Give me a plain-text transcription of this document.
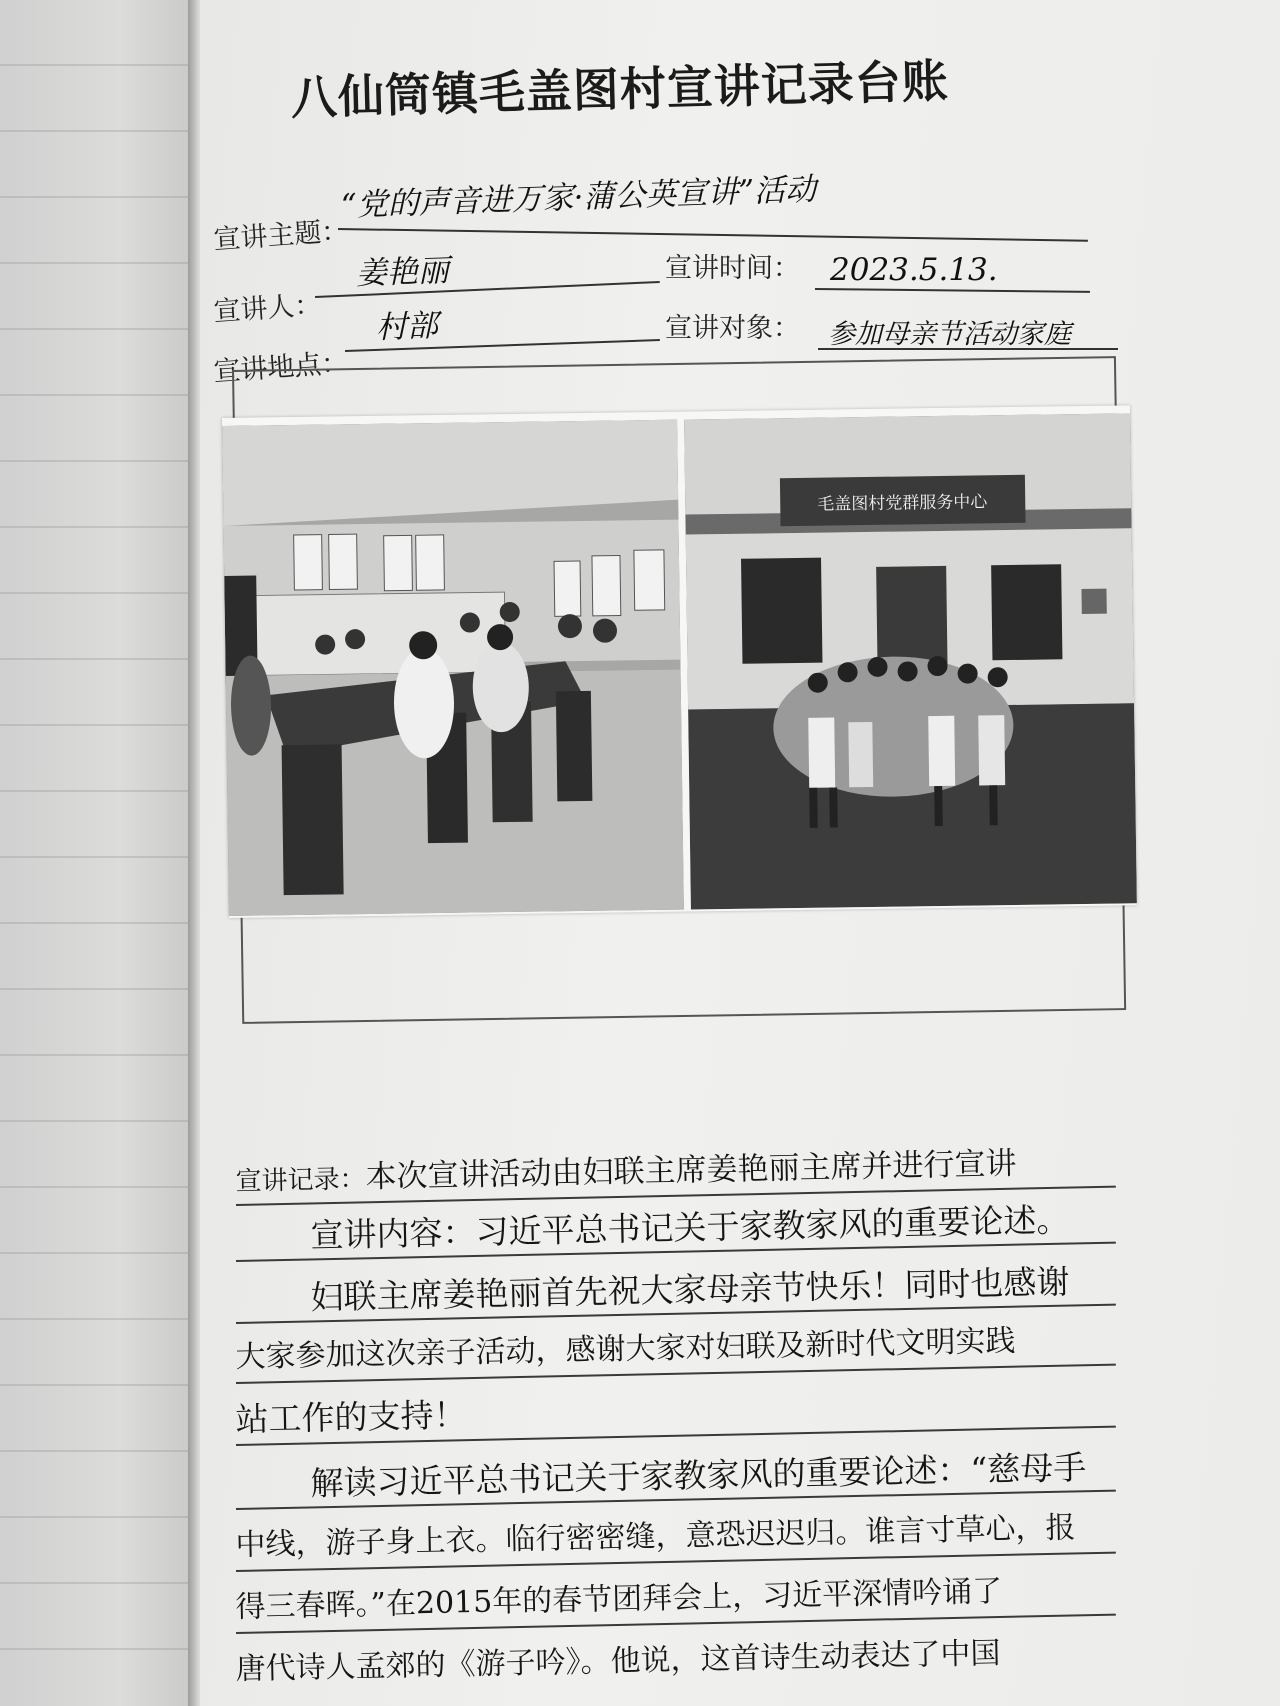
八仙筒镇毛盖图村宣讲记录台账
宣讲主题：
“党的声音进万家·蒲公英宣讲”活动
宣讲人：
姜艳丽	宣讲时间： 2023.5.13.
宣讲地点：
村部	宣讲对象： 参加母亲节活动家庭
毛盖图村党群服务中心
宣讲记录：本次宣讲活动由妇联主席姜艳丽主席并进行宣讲
宣讲内容：习近平总书记关于家教家风的重要论述。
妇联主席姜艳丽首先祝大家母亲节快乐！同时也感谢
大家参加这次亲子活动，感谢大家对妇联及新时代文明实践
站工作的支持！
解读习近平总书记关于家教家风的重要论述：“慈母手
中线，游子身上衣。临行密密缝，意恐迟迟归。谁言寸草心，报
得三春晖。”在2015年的春节团拜会上，习近平深情吟诵了
唐代诗人孟郊的《游子吟》。他说，这首诗生动表达了中国
